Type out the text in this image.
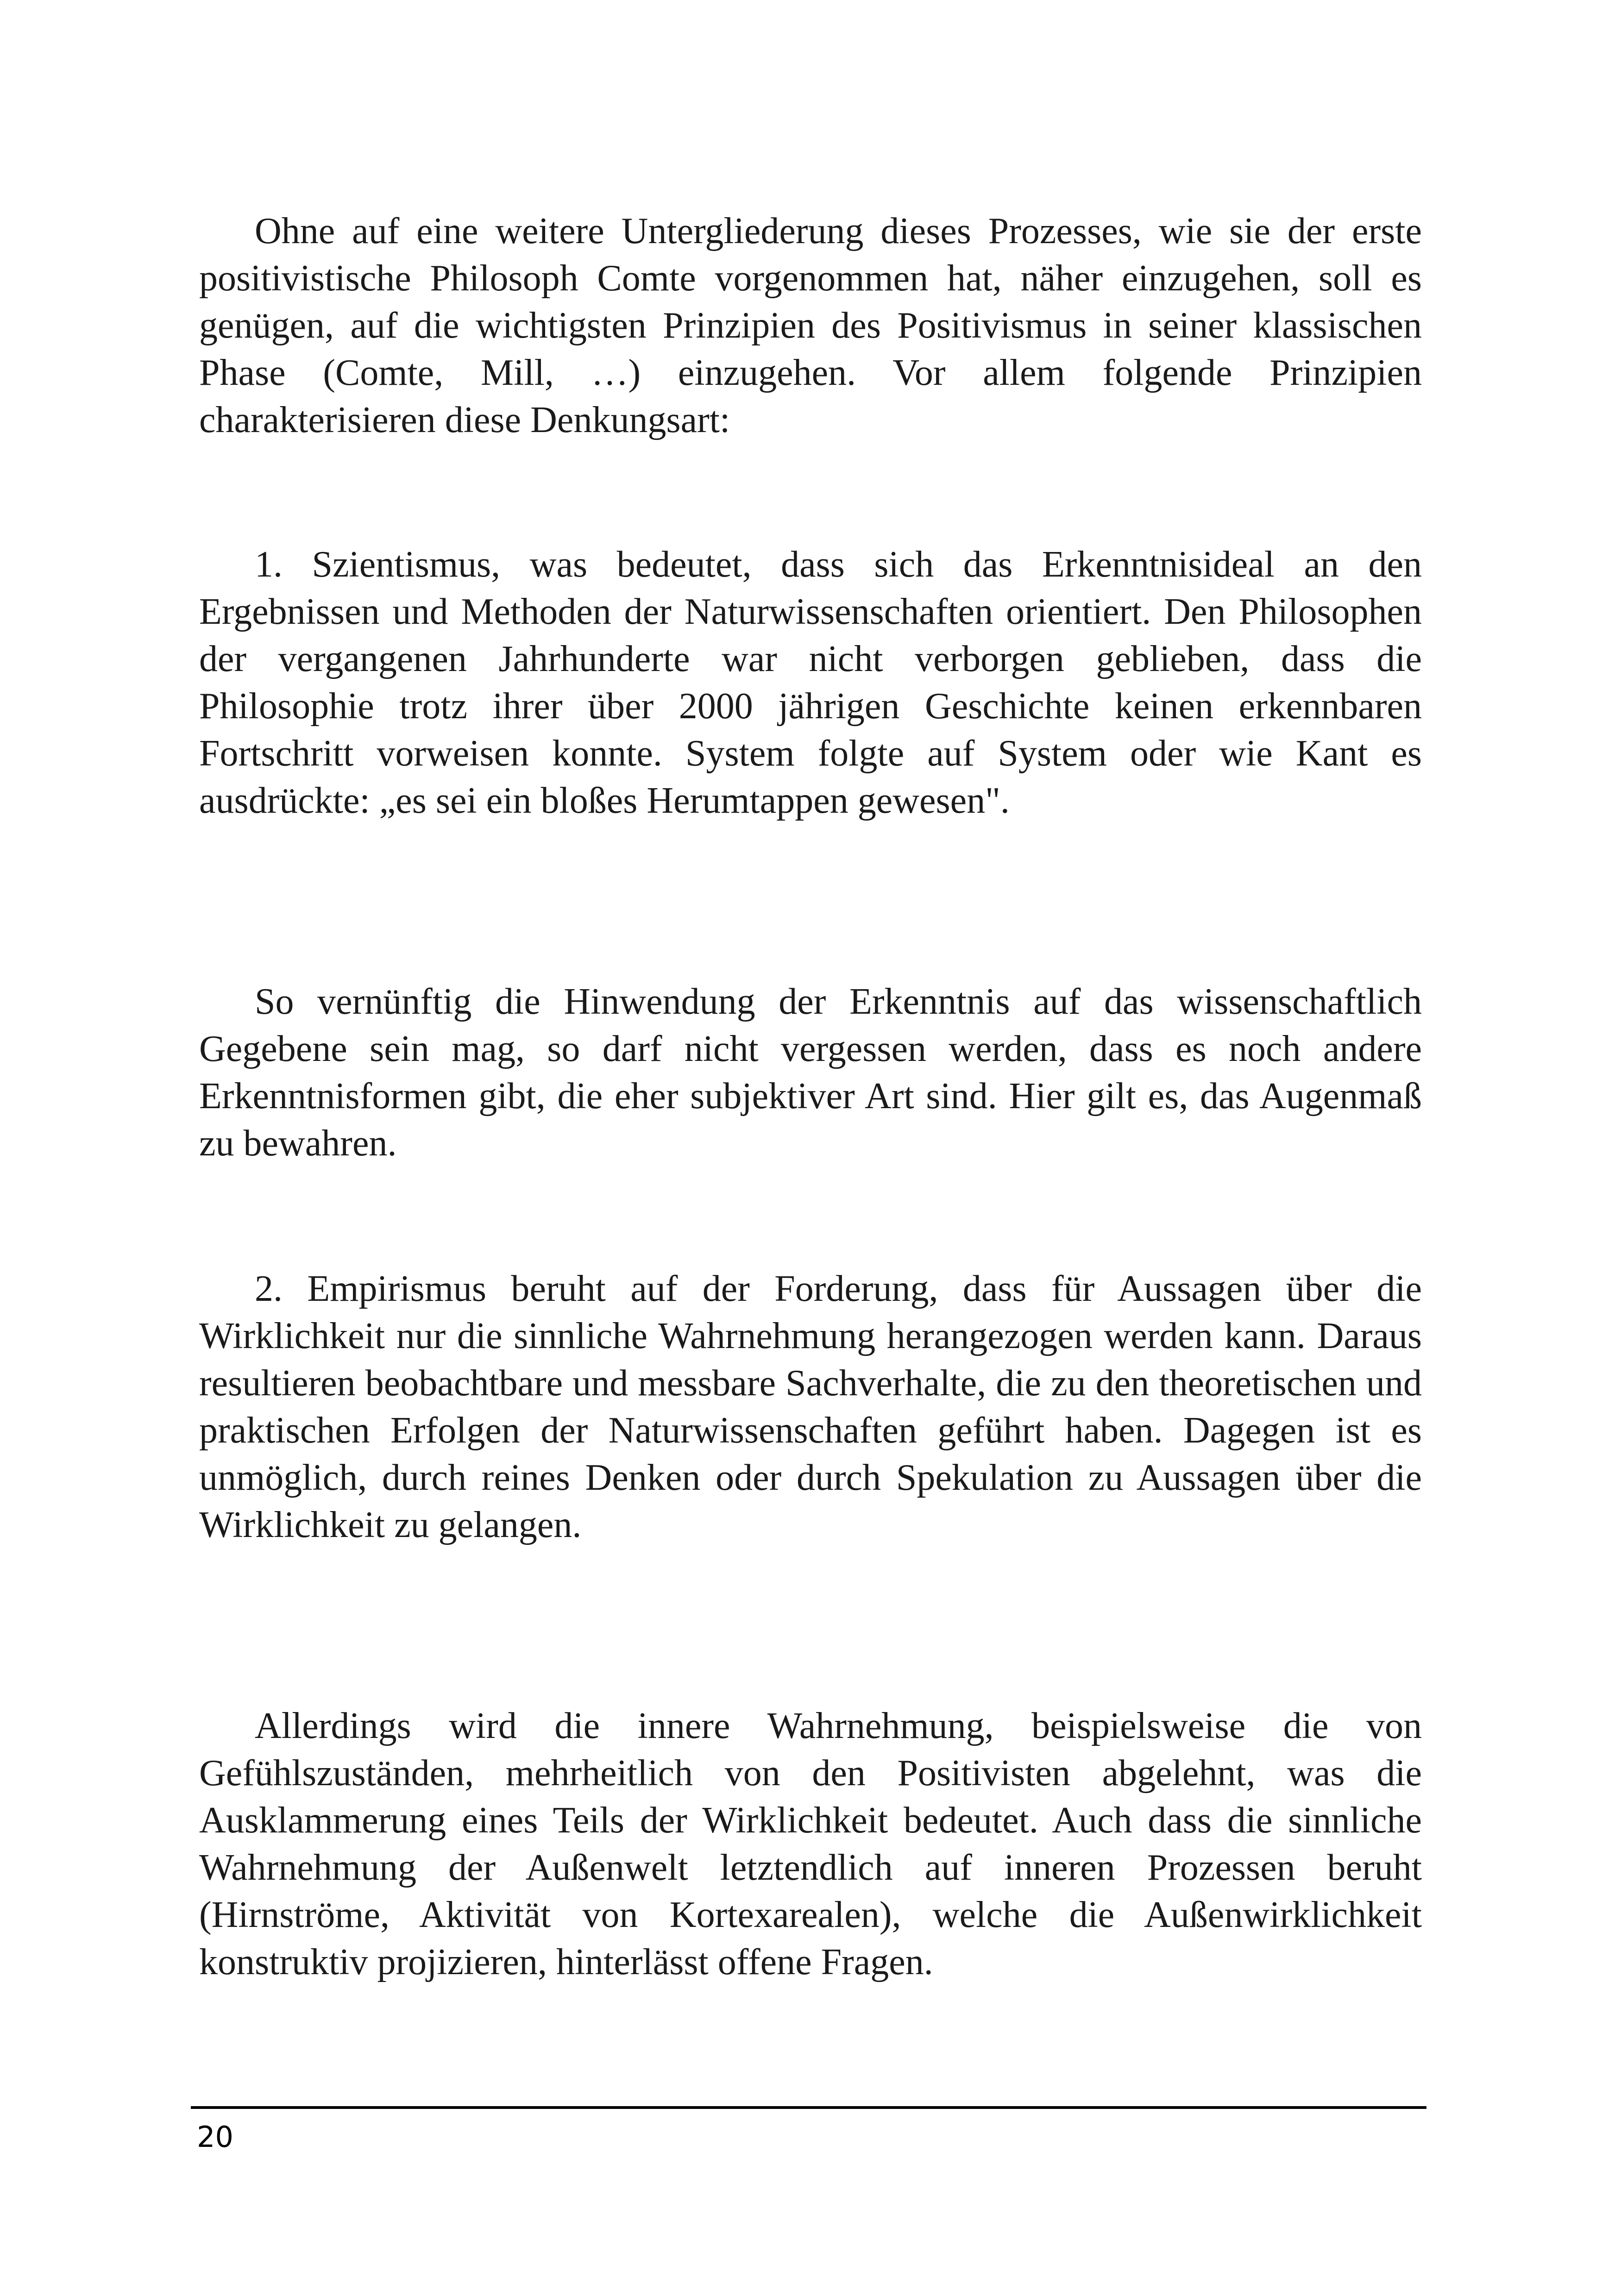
Ohne auf eine weitere Untergliederung dieses Prozesses, wie sie der erste positivistische Philosoph Comte vorgenommen hat, näher einzugehen, soll es genügen, auf die wichtigsten Prinzipien des Positivismus in seiner klassischen Phase (Comte, Mill, …) einzugehen. Vor allem folgende Prinzipien charakterisieren diese Denkungsart:

1. Szientismus, was bedeutet, dass sich das Erkenntnisideal an den Ergebnissen und Methoden der Naturwissenschaften orientiert. Den Philosophen der vergangenen Jahrhunderte war nicht verborgen geblieben, dass die Philosophie trotz ihrer über 2000 jährigen Geschichte keinen erkennbaren Fortschritt vorweisen konnte. System folgte auf System oder wie Kant es ausdrückte: „es sei ein bloßes Herumtappen gewesen".

So vernünftig die Hinwendung der Erkenntnis auf das wissenschaftlich Gegebene sein mag, so darf nicht vergessen werden, dass es noch andere Erkenntnisformen gibt, die eher subjektiver Art sind. Hier gilt es, das Augenmaß zu bewahren.

2. Empirismus beruht auf der Forderung, dass für Aussagen über die Wirklichkeit nur die sinnliche Wahrnehmung herangezogen werden kann. Daraus resultieren beobachtbare und messbare Sachverhalte, die zu den theoretischen und praktischen Erfolgen der Naturwissenschaften geführt haben. Dagegen ist es unmöglich, durch reines Denken oder durch Spekulation zu Aussagen über die Wirklichkeit zu gelangen.

Allerdings wird die innere Wahrnehmung, beispielsweise die von Gefühlszuständen, mehrheitlich von den Positivisten abgelehnt, was die Ausklammerung eines Teils der Wirklichkeit bedeutet. Auch dass die sinnliche Wahrnehmung der Außenwelt letztendlich auf inneren Prozessen beruht (Hirnströme, Aktivität von Kortexarealen), welche die Außenwirklichkeit konstruktiv projizieren, hinterlässt offene Fragen.

20
